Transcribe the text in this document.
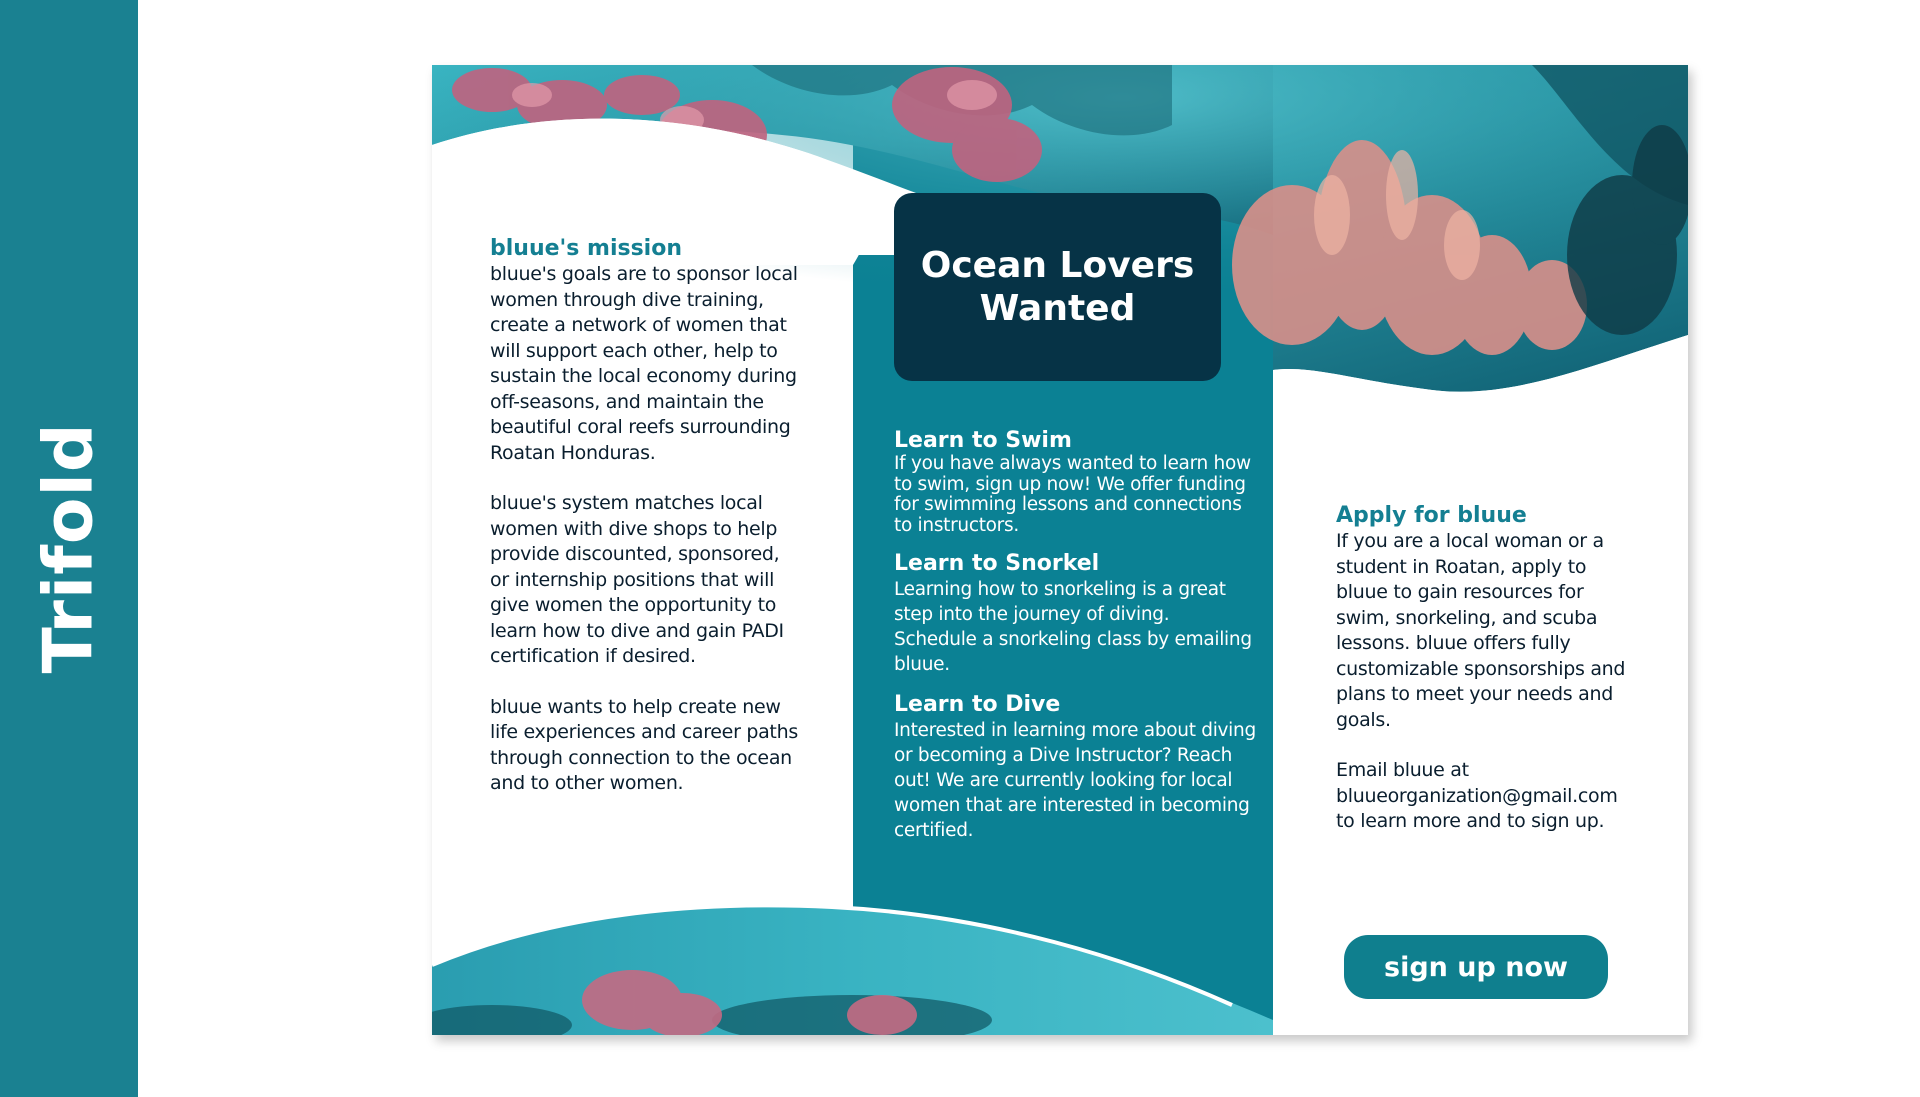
Trifold
Ocean Lovers Wanted
bluue's mission
bluue's goals are to sponsor local women through dive training, create a network of women that will support each other, help to sustain the local economy during off-seasons, and maintain the beautiful coral reefs surrounding Roatan Honduras.
bluue's system matches local women with dive shops to help provide discounted, sponsored, or internship positions that will give women the opportunity to learn how to dive and gain PADI certification if desired.
bluue wants to help create new life experiences and career paths through connection to the ocean and to other women.
Learn to Swim
If you have always wanted to learn how to swim, sign up now! We offer funding for swimming lessons and connections to instructors.
Learn to Snorkel
Learning how to snorkeling is a great step into the journey of diving. Schedule a snorkeling class by emailing bluue.
Learn to Dive
Interested in learning more about diving or becoming a Dive Instructor? Reach out! We are currently looking for local women that are interested in becoming certified.
Apply for bluue
If you are a local woman or a student in Roatan, apply to bluue to gain resources for swim, snorkeling, and scuba lessons. bluue offers fully customizable sponsorships and plans to meet your needs and goals.
Email bluue at
bluueorganization@gmail.com
to learn more and to sign up.
sign up now
